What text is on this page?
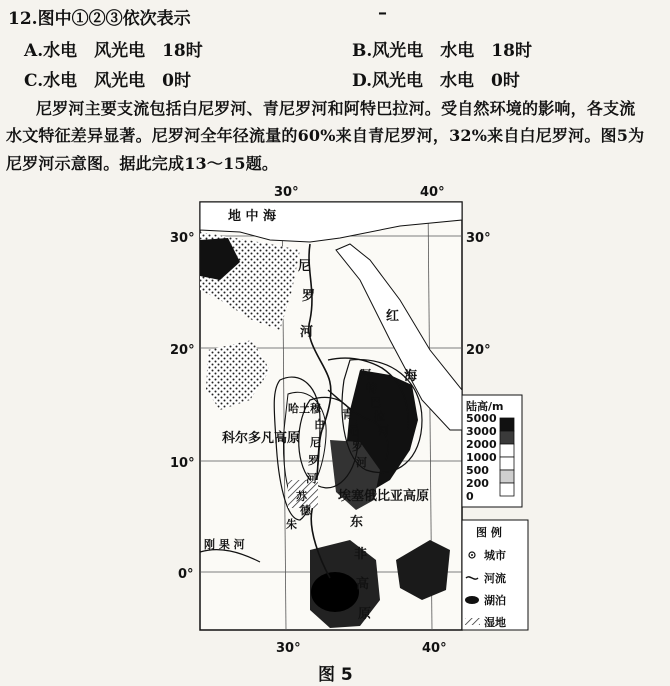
12.图中①②③依次表示	–
A.水电　风光电　18时	B.风光电　水电　18时
C.水电　风光电　0时	D.风光电　水电　0时
尼罗河主要支流包括白尼罗河、青尼罗河和阿特巴拉河。受自然环境的影响，各支流
水文特征差异显著。尼罗河全年径流量的60%来自青尼罗河，32%来自白尼罗河。图5为
尼罗河示意图。据此完成13～15题。
30°	40°
30°	40°
30°
20°
10°
0°
30°
20°
地 中 海
红
海
尼
罗
河
阿
特
巴
拉
河
哈土穆
科尔多凡高原
青
尼
罗
河
白
尼
罗
河
苏
德
朱
埃塞俄比亚高原
东
非
高
原
刚 果 河
陆高/m
5000
3000
2000
1000
500
200
0
图 例
城市
河流
湖泊
湿地
图 5
